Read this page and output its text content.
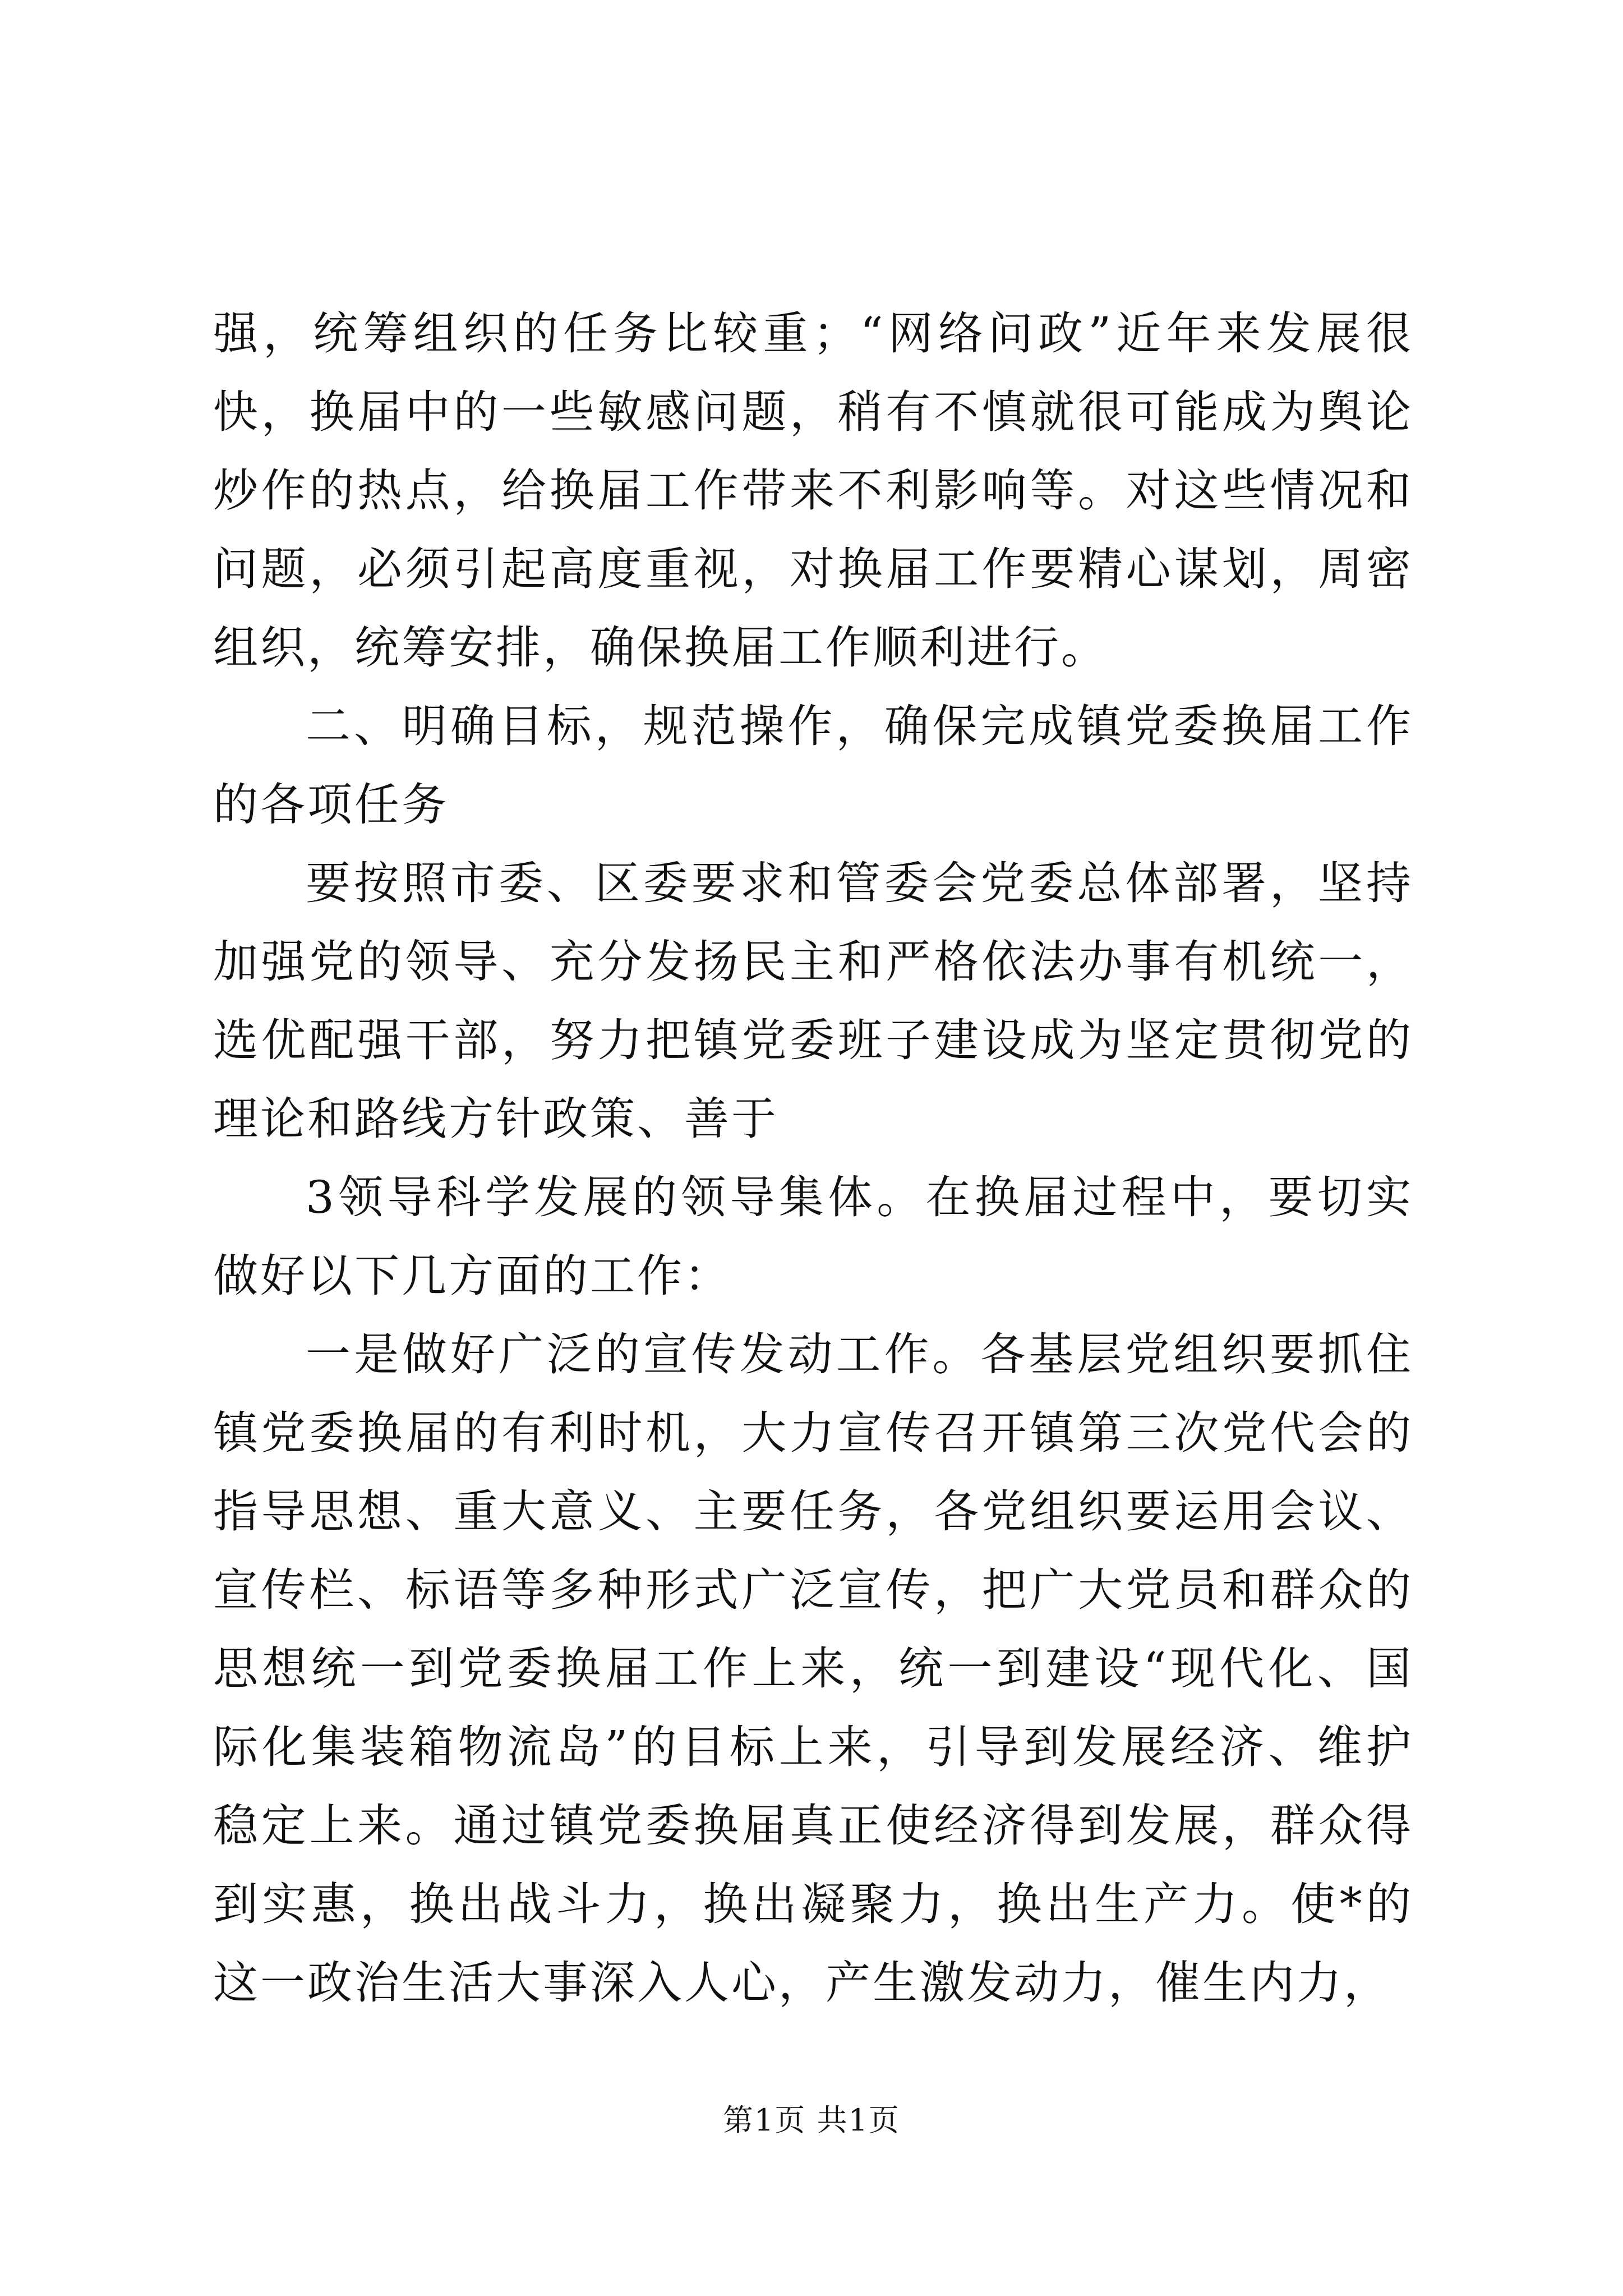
强，统筹组织的任务比较重；“网络问政”近年来发展很快，换届中的一些敏感问题，稍有不慎就很可能成为舆论炒作的热点，给换届工作带来不利影响等。对这些情况和问题，必须引起高度重视，对换届工作要精心谋划，周密组织，统筹安排，确保换届工作顺利进行。

二、明确目标，规范操作，确保完成镇党委换届工作的各项任务

要按照市委、区委要求和管委会党委总体部署，坚持加强党的领导、充分发扬民主和严格依法办事有机统一，选优配强干部，努力把镇党委班子建设成为坚定贯彻党的理论和路线方针政策、善于

3领导科学发展的领导集体。在换届过程中，要切实做好以下几方面的工作：

一是做好广泛的宣传发动工作。各基层党组织要抓住镇党委换届的有利时机，大力宣传召开镇第三次党代会的指导思想、重大意义、主要任务，各党组织要运用会议、宣传栏、标语等多种形式广泛宣传，把广大党员和群众的思想统一到党委换届工作上来，统一到建设“现代化、国际化集装箱物流岛”的目标上来，引导到发展经济、维护稳定上来。通过镇党委换届真正使经济得到发展，群众得到实惠，换出战斗力，换出凝聚力，换出生产力。使*的这一政治生活大事深入人心，产生激发动力，催生内力，

第1页 共1页
